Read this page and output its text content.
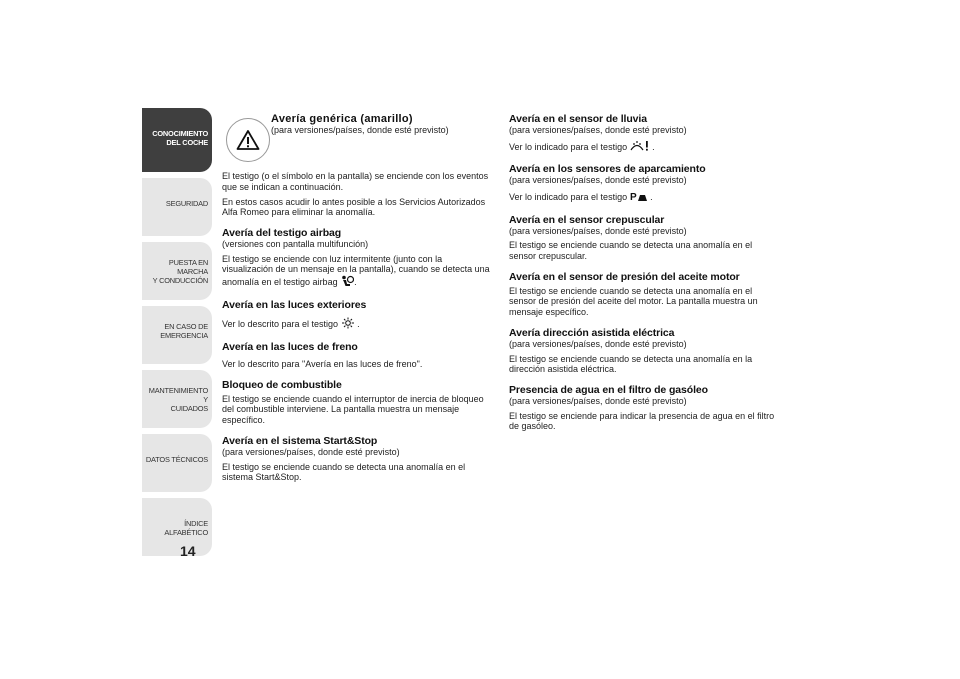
CONOCIMIENTO
DEL COCHE
SEGURIDAD
PUESTA EN MARCHA
Y CONDUCCIÓN
EN CASO DE
EMERGENCIA
MANTENIMIENTO Y
CUIDADOS
DATOS TÉCNICOS
ÍNDICE ALFABÉTICO
14

Avería genérica (amarillo)

(para versiones/países, donde esté previsto)

El testigo (o el símbolo en la pantalla) se enciende con los eventos que se indican a continuación.

En estos casos acudir lo antes posible a los Servicios Autorizados Alfa Romeo para eliminar la anomalía.

Avería del testigo airbag

(versiones con pantalla multifunción)

El testigo se enciende con luz intermitente (junto con la visualización de un mensaje en la pantalla), cuando se detecta una anomalía en el testigo airbag .

Avería en las luces exteriores

Ver lo descrito para el testigo .

Avería en las luces de freno

Ver lo descrito para "Avería en las luces de freno".

Bloqueo de combustible

El testigo se enciende cuando el interruptor de inercia de bloqueo del combustible interviene. La pantalla muestra un mensaje específico.

Avería en el sistema Start&Stop

(para versiones/países, donde esté previsto)

El testigo se enciende cuando se detecta una anomalía en el sistema Start&Stop.

Avería en el sensor de lluvia

(para versiones/países, donde esté previsto)

Ver lo indicado para el testigo	.

Avería en los sensores de aparcamiento

(para versiones/países, donde esté previsto)

Ver lo indicado para el testigo P .

Avería en el sensor crepuscular

(para versiones/países, donde esté previsto)

El testigo se enciende cuando se detecta una anomalía en el sensor crepuscular.

Avería en el sensor de presión del aceite motor

El testigo se enciende cuando se detecta una anomalía en el sensor de presión del aceite del motor. La pantalla muestra un mensaje específico.

Avería dirección asistida eléctrica

(para versiones/países, donde esté previsto)

El testigo se enciende cuando se detecta una anomalía en la dirección asistida eléctrica.

Presencia de agua en el filtro de gasóleo

(para versiones/países, donde esté previsto)

El testigo se enciende para indicar la presencia de agua en el filtro de gasóleo.
